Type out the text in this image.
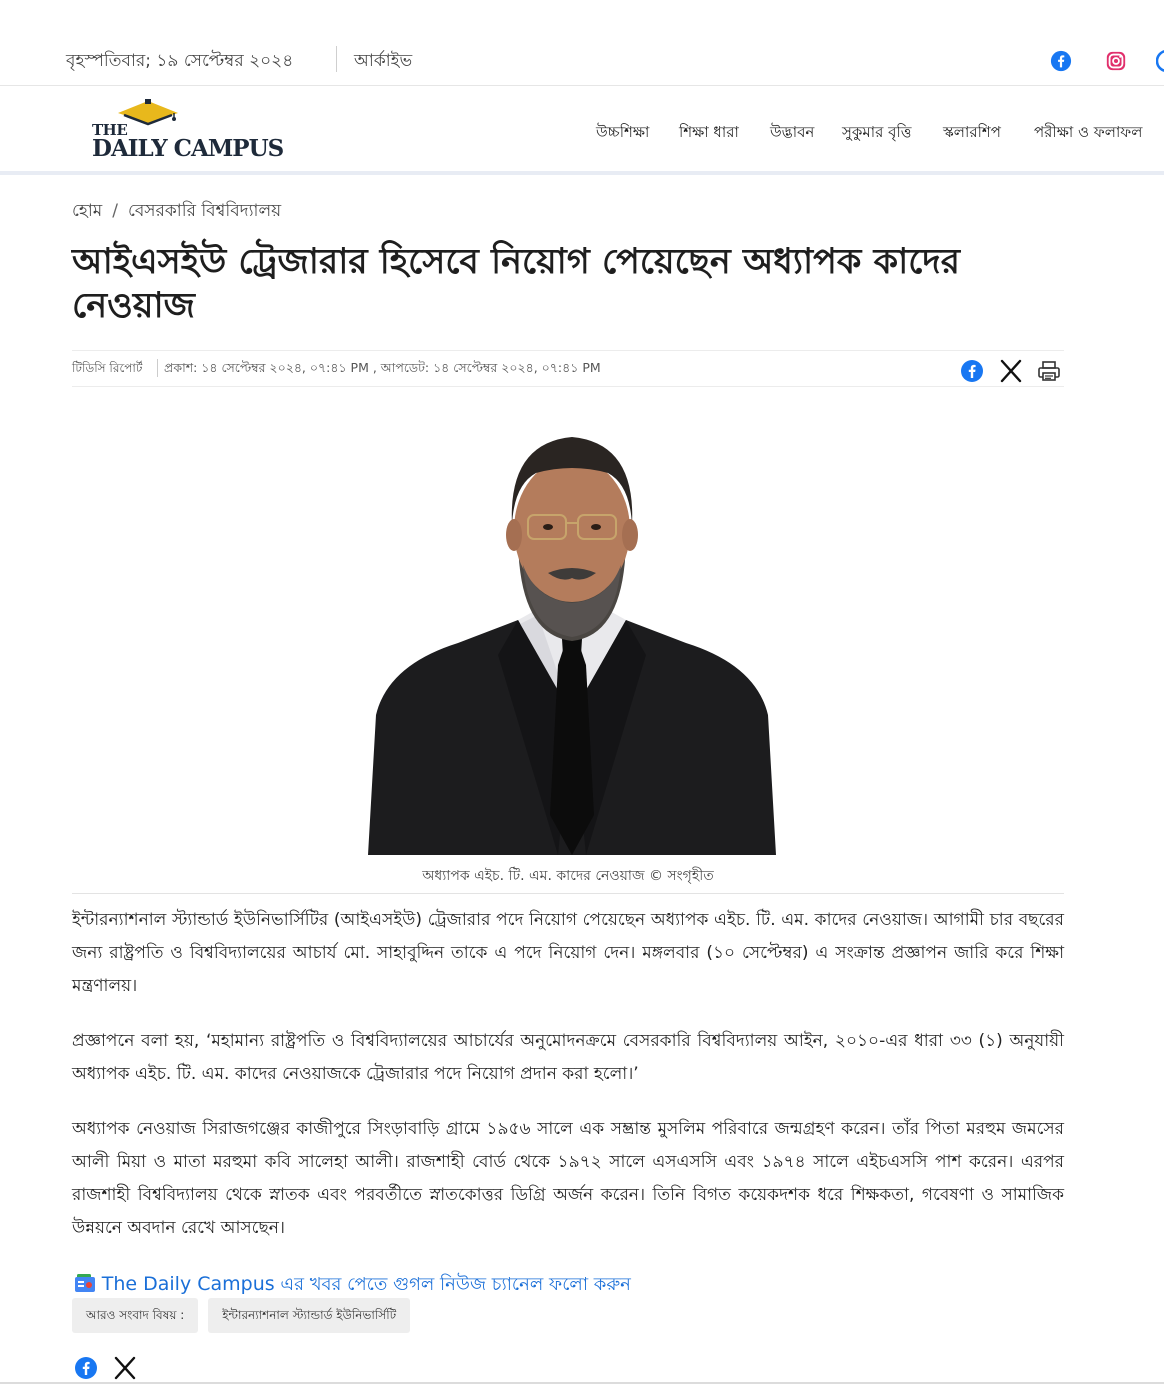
বৃহস্পতিবার; ১৯ সেপ্টেম্বর ২০২৪	আর্কাইভ
THE
DAILY CAMPUS
উচ্চশিক্ষা শিক্ষা ধারা উদ্ভাবন সুকুমার বৃত্তি স্কলারশিপ পরীক্ষা ও ফলাফল
হোম / বেসরকারি বিশ্ববিদ্যালয়
আইএসইউ ট্রেজারার হিসেবে নিয়োগ পেয়েছেন অধ্যাপক কাদের নেওয়াজ
টিডিসি রিপোর্ট প্রকাশ: ১৪ সেপ্টেম্বর ২০২৪, ০৭:৪১ PM , আপডেট: ১৪ সেপ্টেম্বর ২০২৪, ০৭:৪১ PM
অধ্যাপক এইচ. টি. এম. কাদের নেওয়াজ © সংগৃহীত

ইন্টারন্যাশনাল স্ট্যান্ডার্ড ইউনিভার্সিটির (আইএসইউ) ট্রেজারার পদে নিয়োগ পেয়েছেন অধ্যাপক এইচ. টি. এম. কাদের নেওয়াজ। আগামী চার বছরের জন্য রাষ্ট্রপতি ও বিশ্ববিদ্যালয়ের আচার্য মো. সাহাবুদ্দিন তাকে এ পদে নিয়োগ দেন। মঙ্গলবার (১০ সেপ্টেম্বর) এ সংক্রান্ত প্রজ্ঞাপন জারি করে শিক্ষা মন্ত্রণালয়।

প্রজ্ঞাপনে বলা হয়, ‘মহামান্য রাষ্ট্রপতি ও বিশ্ববিদ্যালয়ের আচার্যের অনুমোদনক্রমে বেসরকারি বিশ্ববিদ্যালয় আইন, ২০১০-এর ধারা ৩৩ (১) অনুযায়ী অধ্যাপক এইচ. টি. এম. কাদের নেওয়াজকে ট্রেজারার পদে নিয়োগ প্রদান করা হলো।’

অধ্যাপক নেওয়াজ সিরাজগঞ্জের কাজীপুরে সিংড়াবাড়ি গ্রামে ১৯৫৬ সালে এক সম্ভ্রান্ত মুসলিম পরিবারে জন্মগ্রহণ করেন। তাঁর পিতা মরহুম জমসের আলী মিয়া ও মাতা মরহুমা কবি সালেহা আলী। রাজশাহী বোর্ড থেকে ১৯৭২ সালে এসএসসি এবং ১৯৭৪ সালে এইচএসসি পাশ করেন। এরপর রাজশাহী বিশ্ববিদ্যালয় থেকে স্নাতক এবং পরবর্তীতে স্নাতকোত্তর ডিগ্রি অর্জন করেন। তিনি বিগত কয়েকদশক ধরে শিক্ষকতা, গবেষণা ও সামাজিক উন্নয়নে অবদান রেখে আসছেন।

The Daily Campus এর খবর পেতে গুগল নিউজ চ্যানেল ফলো করুন
আরও সংবাদ বিষয় :	ইন্টারন্যাশনাল স্ট্যান্ডার্ড ইউনিভার্সিটি
